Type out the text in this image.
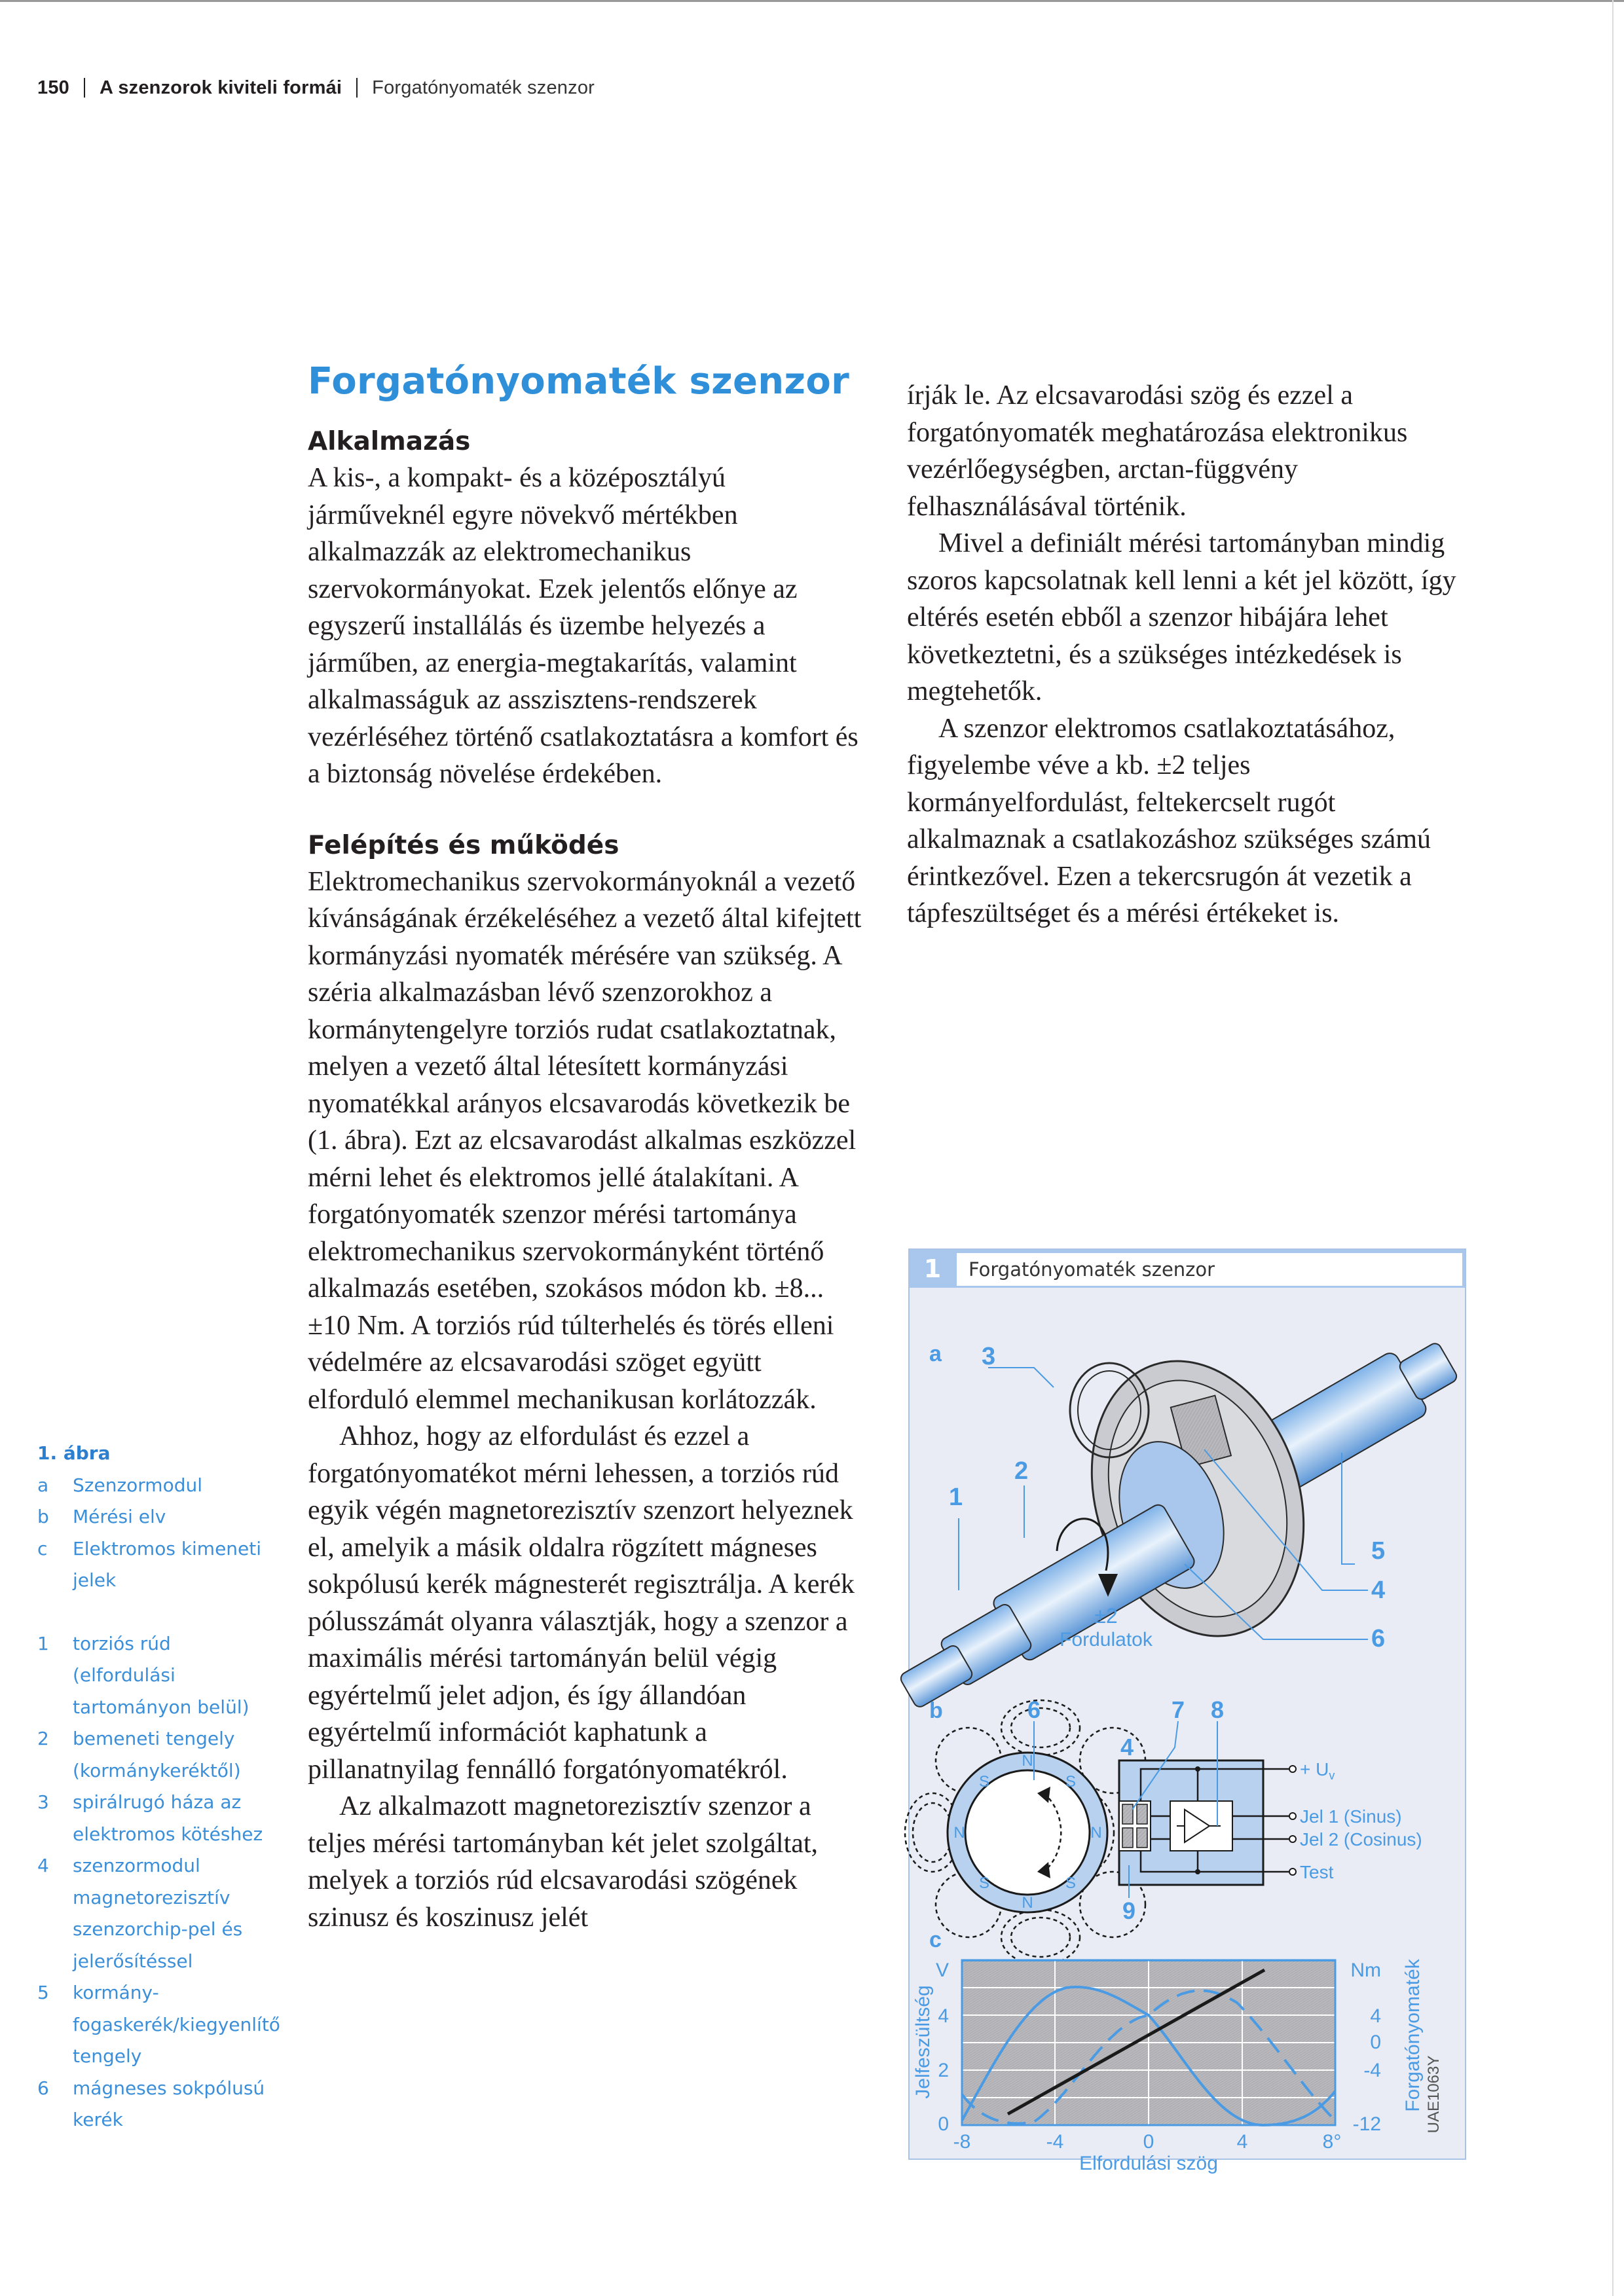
150 A szenzorok kiviteli formái Forgatónyomaték szenzor
Forgatónyomaték szenzor
Alkalmazás

A kis-, a kompakt- és a középosztályú járműveknél egyre növekvő mértékben alkalmazzák az elektromechanikus szervokormányokat. Ezek jelentős előnye az egyszerű installálás és üzembe helyezés a járműben, az energia-megtakarítás, valamint alkalmasságuk az asszisztens-rendszerek vezérléséhez történő csatlakoztatásra a komfort és a biztonság növelése érdekében.

Felépítés és működés

Elektromechanikus szervokormányoknál a vezető kívánságának érzékeléséhez a vezető által kifejtett kormányzási nyomaték mérésére van szükség. A széria alkalmazásban lévő szenzorokhoz a kormánytengelyre torziós rudat csatlakoztatnak, melyen a vezető által létesített kormányzási nyomatékkal arányos elcsavarodás következik be (1. ábra). Ezt az elcsavarodást alkalmas eszközzel mérni lehet és elektromos jellé átalakítani. A forgatónyomaték szenzor mérési tartománya elektromechanikus szervokormányként történő alkalmazás esetében, szokásos módon kb. ±8...±10 Nm. A torziós rúd túlterhelés és törés elleni védelmére az elcsavarodási szöget együtt elforduló elemmel mechanikusan korlátozzák.

Ahhoz, hogy az elfordulást és ezzel a forgatónyomatékot mérni lehessen, a torziós rúd egyik végén magnetorezisztív szenzort helyeznek el, amelyik a másik oldalra rögzített mágneses sokpólusú kerék mágnesterét regisztrálja. A kerék pólusszámát olyanra választják, hogy a szenzor a maximális mérési tartományán belül végig egyértelmű jelet adjon, és így állandóan egyértelmű információt kaphatunk a pillanatnyilag fennálló forgatónyomatékról.

Az alkalmazott magnetorezisztív szenzor a teljes mérési tartományban két jelet szolgáltat, melyek a torziós rúd elcsavarodási szögének szinusz és koszinusz jelét

írják le. Az elcsavarodási szög és ezzel a forgatónyomaték meghatározása elektronikus vezérlőegységben, arctan-függvény felhasználásával történik.

Mivel a definiált mérési tartományban mindig szoros kapcsolatnak kell lenni a két jel között, így eltérés esetén ebből a szenzor hibájára lehet következtetni, és a szükséges intézkedések is megtehetők.

A szenzor elektromos csatlakoztatásához, figyelembe véve a kb. ±2 teljes kormányelfordulást, feltekercselt rugót alkalmaznak a csatlakozáshoz szükséges számú érintkezővel. Ezen a tekercsrugón át vezetik a tápfeszültséget és a mérési értékeket is.

1. ábra
a	Szenzormodul
b	Mérési elv
c	Elektromos kimeneti jelek
1	torziós rúd (elfordulási tartományon belül)
2	bemeneti tengely (kormánykeréktől)
3	spirálrugó háza az elektromos kötéshez
4	szenzormodul magnetorezisztív szenzorchip-pel és jelerősítéssel
5	kormány-fogaskerék/kiegyenlítő tengely
6	mágneses sokpólusú kerék
1	Forgatónyomaték szenzor
a
±2
Fordulatok
1
2
3
4
5
6
b
N
S
N
S
N
S
N
S
+ $U_v$
Jel 1 (Sinus)
Jel 2 (Cosinus)
Test
6	7 8
4
9
c
V
4
2
0
Nm
4
0
-4
-12
-8	-4	0	4	8°
Elfordulási szög
Jelfeszültség	Forgatónyomaték UAE1063Y
